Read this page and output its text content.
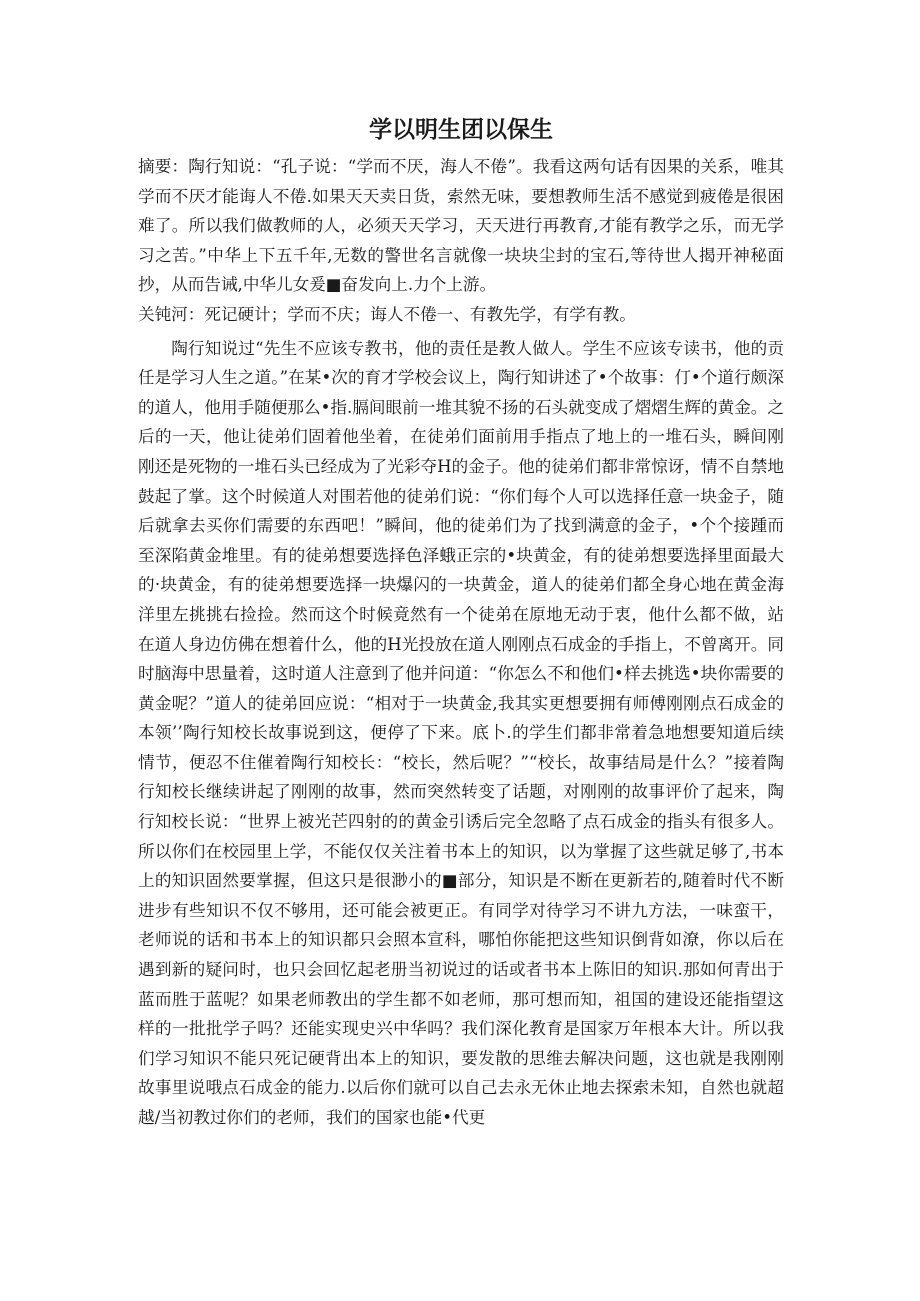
学以明生团以保生

摘要：陶行知说：“孔子说：“学而不厌，海人不倦”。我看这两句话有因果的关系，唯其学而不厌才能诲人不倦.如果天天卖日货，索然无味，要想教师生活不感觉到疲倦是很困难了。所以我们做教师的人，必须天天学习，天天进行再教育,才能有教学之乐，而无学习之苦。”中华上下五千年,无数的警世名言就像一块块尘封的宝石,等待世人揭开神秘面抄，从而告诫,中华儿女爰■奋发向上.力个上游。

关钝河：死记硬计；学而不庆；诲人不倦一、有教先学，有学有教。

陶行知说过“先生不应该专教书，他的责任是教人做人。学生不应该专读书，他的贡任是学习人生之道。”在某•次的育才学校会议上，陶行知讲述了•个故事：仃•个道行颇深的道人，他用手随便那么•指.膈间眼前一堆其貌不扬的石头就变成了熠熠生辉的黄金。之后的一天，他让徒弟们固着他坐着，在徒弟们面前用手指点了地上的一堆石头，瞬间刚刚还是死物的一堆石头已经成为了光彩夺H的金子。他的徒弟们都非常惊讶，情不自禁地鼓起了掌。这个时候道人对围若他的徒弟们说：“你们每个人可以选择任意一块金子，随后就拿去买你们需要的东西吧！”瞬间，他的徒弟们为了找到满意的金子，•个个接踵而至深陷黄金堆里。有的徒弟想要选择色泽蛾正宗的•块黄金，有的徒弟想要选择里面最大的·块黄金，有的徒弟想要选择一块爆闪的一块黄金，道人的徒弟们都全身心地在黄金海洋里左挑挑右捡捡。然而这个时候竟然有一个徒弟在原地无动于衷，他什么都不做，站在道人身边仿佛在想着什么，他的H光投放在道人刚刚点石成金的手指上，不曾离开。同时脑海中思量着，这时道人注意到了他并问道：“你怎么不和他们•样去挑选•块你需要的黄金呢？”道人的徒弟回应说：“相对于一块黄金,我其实更想要拥有师傅刚刚点石成金的本领’’陶行知校长故事说到这，便停了下来。底卜.的学生们都非常着急地想要知道后续情节，便忍不住催着陶行知校长：“校长，然后呢？”“校长，故事结局是什么？”接着陶行知校长继续讲起了刚刚的故事，然而突然转变了话题，对刚刚的故事评价了起来，陶行知校长说：“世界上被光芒四射的的黄金引诱后完全忽略了点石成金的指头有很多人。所以你们在校园里上学，不能仅仅关注着书本上的知识，以为掌握了这些就足够了,书本上的知识固然要掌握，但这只是很渺小的■部分，知识是不断在更新若的,随着时代不断进步有些知识不仅不够用，还可能会被更正。有同学对待学习不讲九方法，一味蛮干，老师说的话和书本上的知识都只会照本宣科，哪怕你能把这些知识倒背如潦，你以后在遇到新的疑问时，也只会回忆起老册当初说过的话或者书本上陈旧的知识.那如何青出于蓝而胜于蓝呢？如果老师教出的学生都不如老师，那可想而知，祖国的建设还能指望这样的一批批学子吗？还能实现史兴中华吗？我们深化教育是国家万年根本大计。所以我们学习知识不能只死记硬背出本上的知识，要发散的思维去解决问题，这也就是我刚刚故事里说哦点石成金的能力.以后你们就可以自己去永无休止地去探索未知，自然也就超越/当初教过你们的老师，我们的国家也能•代更
